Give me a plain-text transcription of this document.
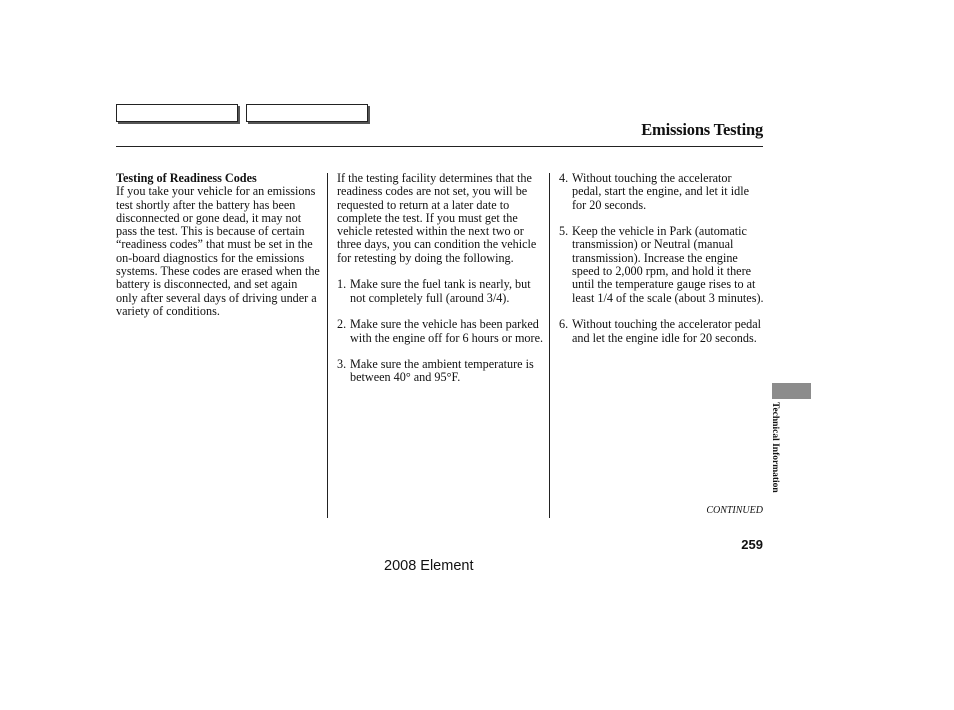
Emissions Testing

Testing of Readiness Codes

If you take your vehicle for an emissions test shortly after the battery has been disconnected or gone dead, it may not pass the test. This is because of certain “readiness codes” that must be set in the on-board diagnostics for the emissions systems. These codes are erased when the battery is disconnected, and set again only after several days of driving under a variety of conditions.

If the testing facility determines that the readiness codes are not set, you will be requested to return at a later date to complete the test. If you must get the vehicle retested within the next two or three days, you can condition the vehicle for retesting by doing the following.

1. Make sure the fuel tank is nearly, but not completely full (around 3/4).
2. Make sure the vehicle has been parked with the engine off for 6 hours or more.
3. Make sure the ambient temperature is between 40° and 95°F.
4. Without touching the accelerator pedal, start the engine, and let it idle for 20 seconds.
5. Keep the vehicle in Park (automatic transmission) or Neutral (manual transmission). Increase the engine speed to 2,000 rpm, and hold it there until the temperature gauge rises to at least 1/4 of the scale (about 3 minutes).
6. Without touching the accelerator pedal and let the engine idle for 20 seconds.
Technical Information
CONTINUED
259
2008 Element
